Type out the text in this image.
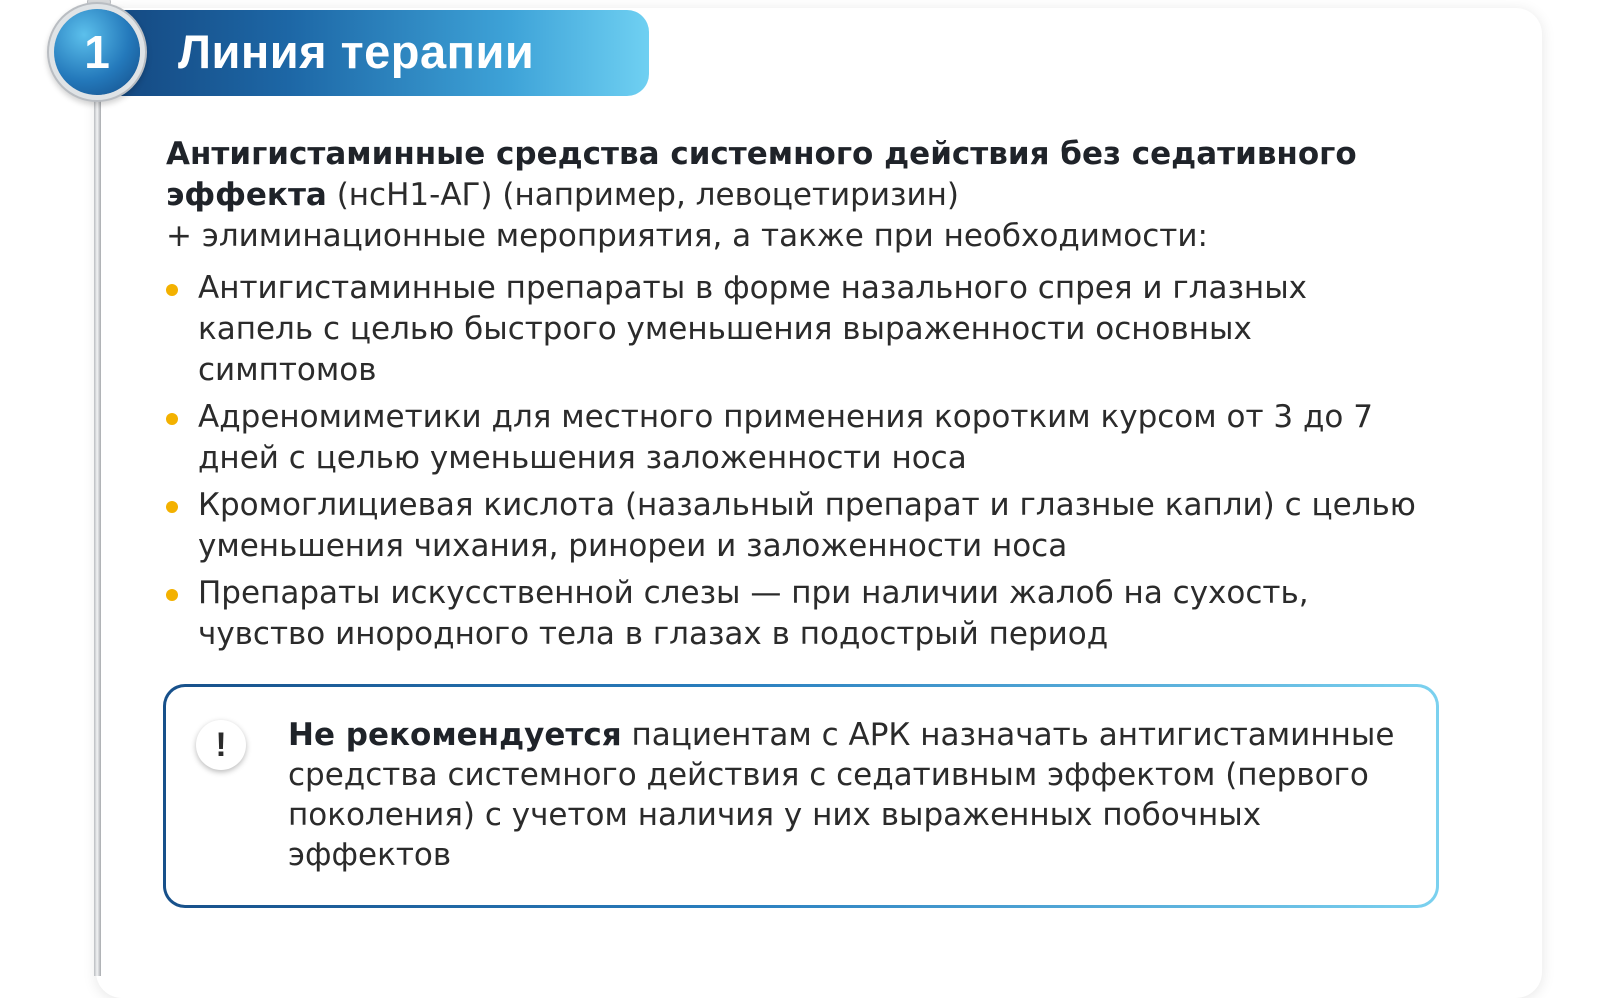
Линия терапии
1
Антигистаминные средства системного действия без седативного эффекта (нсН1-АГ) (например, левоцетиризин)
+ элиминационные мероприятия, а также при необходимости:
Антигистаминные препараты в форме назального спрея и глазных капель с целью быстрого уменьшения выраженности основных симптомов
Адреномиметики для местного применения коротким курсом от 3 до 7 дней с целью уменьшения заложенности носа
Кромоглициевая кислота (назальный препарат и глазные капли) с целью уменьшения чихания, ринореи и заложенности носа
Препараты искусственной слезы — при наличии жалоб на сухость, чувство инородного тела в глазах в подострый период
!	Не рекомендуется пациентам с АРК назначать антигистаминные средства системного действия с седативным эффектом (первого поколения) с учетом наличия у них выраженных побочных эффектов
